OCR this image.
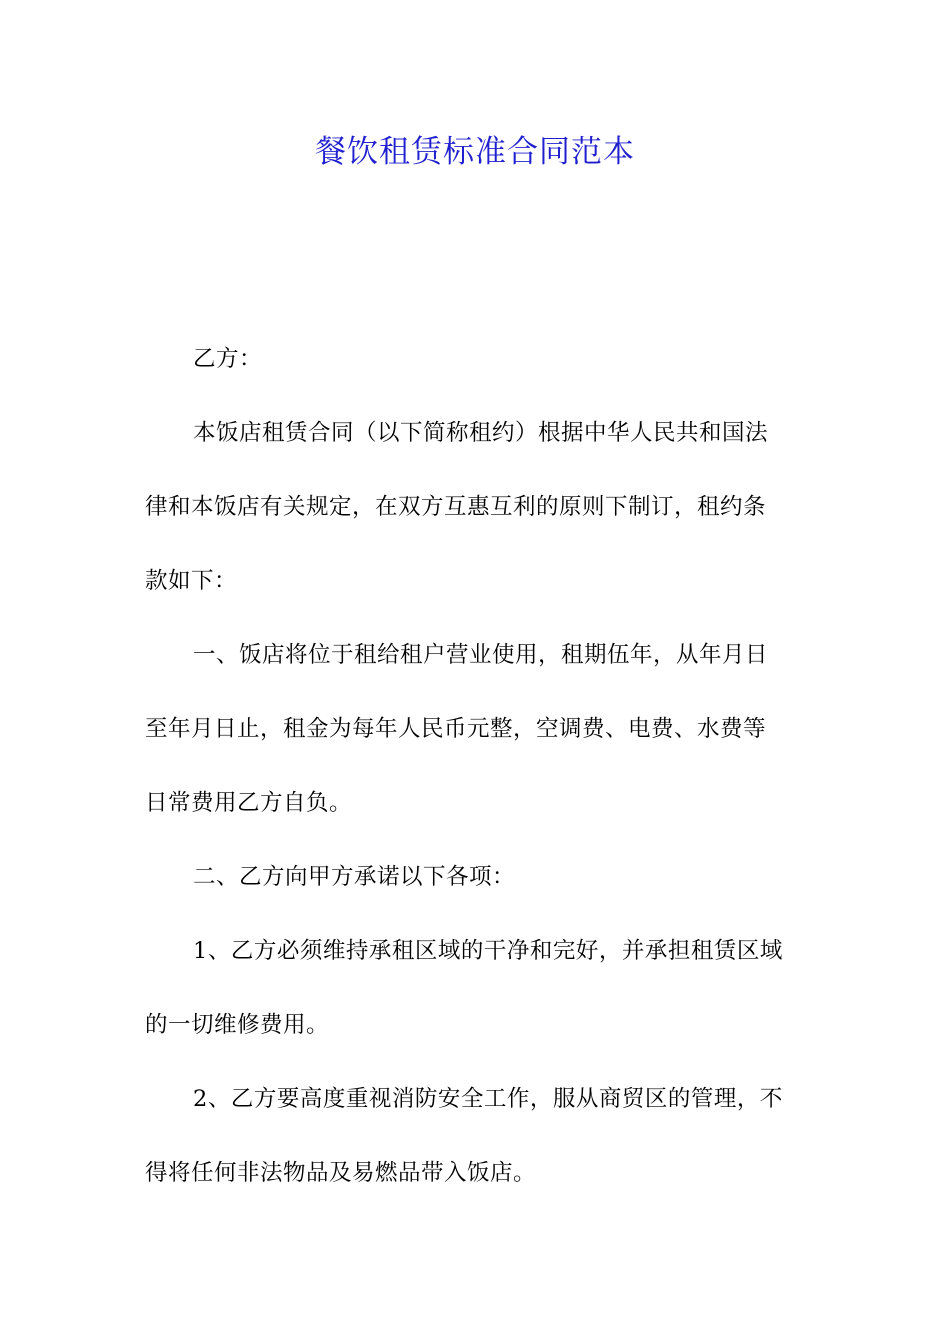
餐饮租赁标准合同范本

乙方：

本饭店租赁合同（以下简称租约）根据中华人民共和国法
律和本饭店有关规定，在双方互惠互利的原则下制订，租约条
款如下：

一、饭店将位于租给租户营业使用，租期伍年，从年月日
至年月日止，租金为每年人民币元整，空调费、电费、水费等
日常费用乙方自负。

二、乙方向甲方承诺以下各项：

1、乙方必须维持承租区域的干净和完好，并承担租赁区域
的一切维修费用。

2、乙方要高度重视消防安全工作，服从商贸区的管理，不
得将任何非法物品及易燃品带入饭店。
